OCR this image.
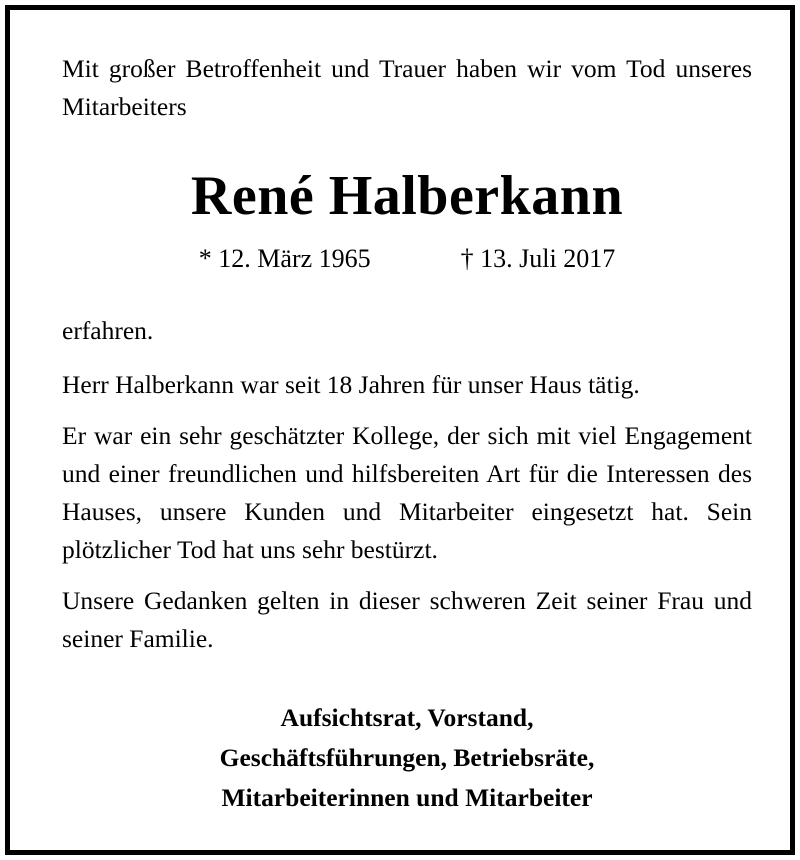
Mit großer Betroffenheit und Trauer haben wir vom Tod unseres Mitarbeiters

René Halberkann
* 12. März 1965	† 13. Juli 2017

erfahren.

Herr Halberkann war seit 18 Jahren für unser Haus tätig.

Er war ein sehr geschätzter Kollege, der sich mit viel Engagement und einer freundlichen und hilfsbereiten Art für die Interessen des Hauses, unsere Kunden und Mitarbeiter eingesetzt hat. Sein plötzlicher Tod hat uns sehr bestürzt.

Unsere Gedanken gelten in dieser schweren Zeit seiner Frau und seiner Familie.

Aufsichtsrat, Vorstand,
Geschäftsführungen, Betriebsräte,
Mitarbeiterinnen und Mitarbeiter
